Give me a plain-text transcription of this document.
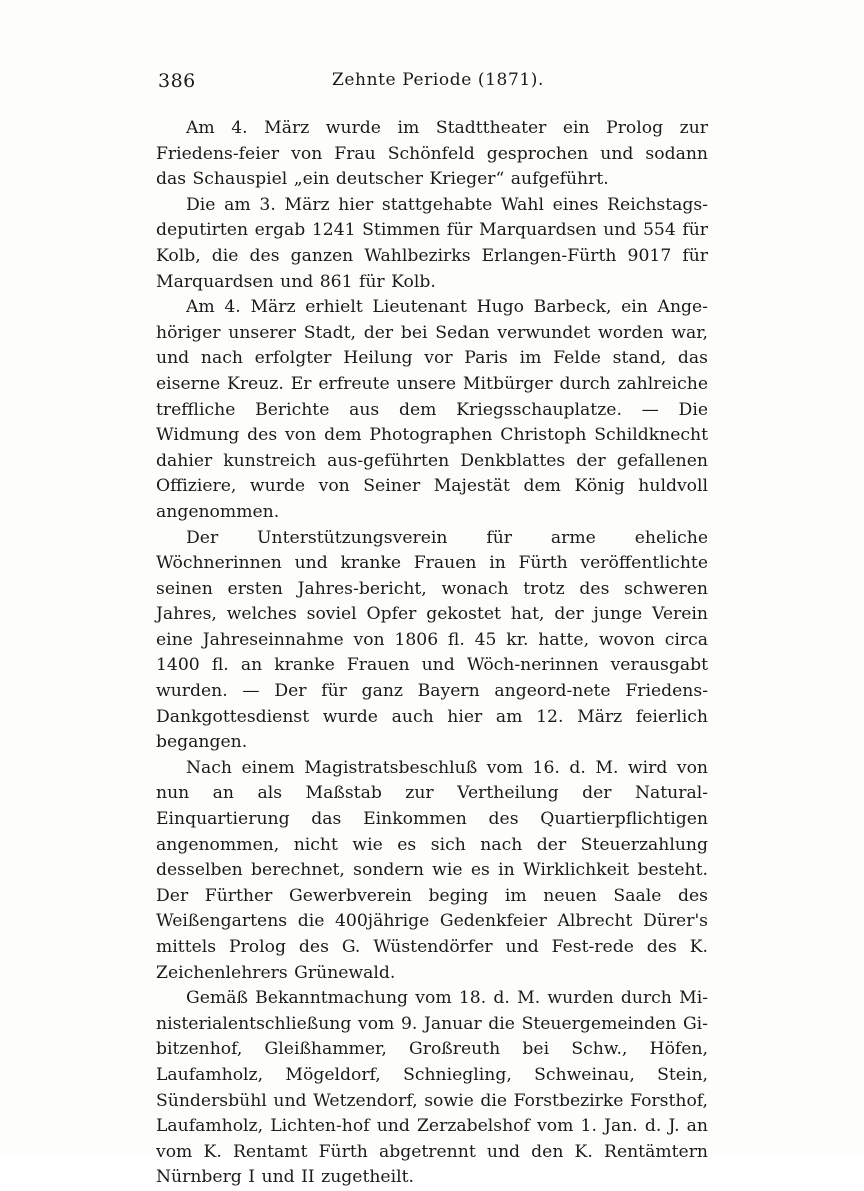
386	Zehnte Periode (1871).

Am 4. März wurde im Stadttheater ein Prolog zur Friedens-feier von Frau Schönfeld gesprochen und sodann das Schauspiel „ein deutscher Krieger“ aufgeführt.

Die am 3. März hier stattgehabte Wahl eines Reichstags-deputirten ergab 1241 Stimmen für Marquardsen und 554 für Kolb, die des ganzen Wahlbezirks Erlangen-Fürth 9017 für Marquardsen und 861 für Kolb.

Am 4. März erhielt Lieutenant Hugo Barbeck, ein Ange-höriger unserer Stadt, der bei Sedan verwundet worden war, und nach erfolgter Heilung vor Paris im Felde stand, das eiserne Kreuz. Er erfreute unsere Mitbürger durch zahlreiche treffliche Berichte aus dem Kriegsschauplatze. — Die Widmung des von dem Photographen Christoph Schildknecht dahier kunstreich aus-geführten Denkblattes der gefallenen Offiziere, wurde von Seiner Majestät dem König huldvoll angenommen.

Der Unterstützungsverein für arme eheliche Wöchnerinnen und kranke Frauen in Fürth veröffentlichte seinen ersten Jahres-bericht, wonach trotz des schweren Jahres, welches soviel Opfer gekostet hat, der junge Verein eine Jahreseinnahme von 1806 fl. 45 kr. hatte, wovon circa 1400 fl. an kranke Frauen und Wöch-nerinnen verausgabt wurden. — Der für ganz Bayern angeord-nete Friedens-Dankgottesdienst wurde auch hier am 12. März feierlich begangen.

Nach einem Magistratsbeschluß vom 16. d. M. wird von nun an als Maßstab zur Vertheilung der Natural-Einquartierung das Einkommen des Quartierpflichtigen angenommen, nicht wie es sich nach der Steuerzahlung desselben berechnet, sondern wie es in Wirklichkeit besteht. Der Fürther Gewerbverein beging im neuen Saale des Weißengartens die 400jährige Gedenkfeier Albrecht Dürer's mittels Prolog des G. Wüstendörfer und Fest-rede des K. Zeichenlehrers Grünewald.

Gemäß Bekanntmachung vom 18. d. M. wurden durch Mi-nisterialentschließung vom 9. Januar die Steuergemeinden Gi-bitzenhof, Gleißhammer, Großreuth bei Schw., Höfen, Laufamholz, Mögeldorf, Schniegling, Schweinau, Stein, Sündersbühl und Wetzendorf, sowie die Forstbezirke Forsthof, Laufamholz, Lichten-hof und Zerzabelshof vom 1. Jan. d. J. an vom K. Rentamt Fürth abgetrennt und den K. Rentämtern Nürnberg I und II zugetheilt.
